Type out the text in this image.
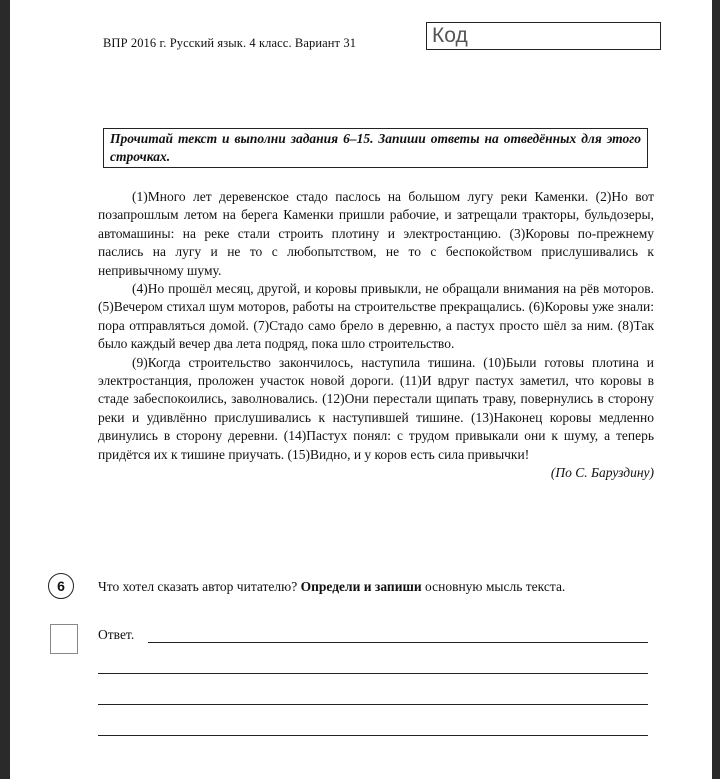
ВПР 2016 г. Русский язык. 4 класс. Вариант 31	Код
Прочитай текст и выполни задания 6–15. Запиши ответы на отведённых для этого строчках.

(1)Много лет деревенское стадо паслось на большом лугу реки Каменки. (2)Но вот позапрошлым летом на берега Каменки пришли рабочие, и затрещали тракторы, бульдозеры, автомашины: на реке стали строить плотину и электростанцию. (3)Коровы по-прежнему паслись на лугу и не то с любопытством, не то с беспокойством прислушивались к непривычному шуму.

(4)Но прошёл месяц, другой, и коровы привыкли, не обращали внимания на рёв моторов. (5)Вечером стихал шум моторов, работы на строительстве прекращались. (6)Коровы уже знали: пора отправляться домой. (7)Стадо само брело в деревню, а пастух просто шёл за ним. (8)Так было каждый вечер два лета подряд, пока шло строительство.

(9)Когда строительство закончилось, наступила тишина. (10)Были готовы плотина и электростанция, проложен участок новой дороги. (11)И вдруг пастух заметил, что коровы в стаде забеспокоились, заволновались. (12)Они перестали щипать траву, повернулись в сторону реки и удивлённо прислушивались к наступившей тишине. (13)Наконец коровы медленно двинулись в сторону деревни. (14)Пастух понял: с трудом привыкали они к шуму, а теперь придётся их к тишине приучать. (15)Видно, и у коров есть сила привычки!

(По С. Баруздину)
6	Что хотел сказать автор читателю? Определи и запиши основную мысль текста.
Ответ.
